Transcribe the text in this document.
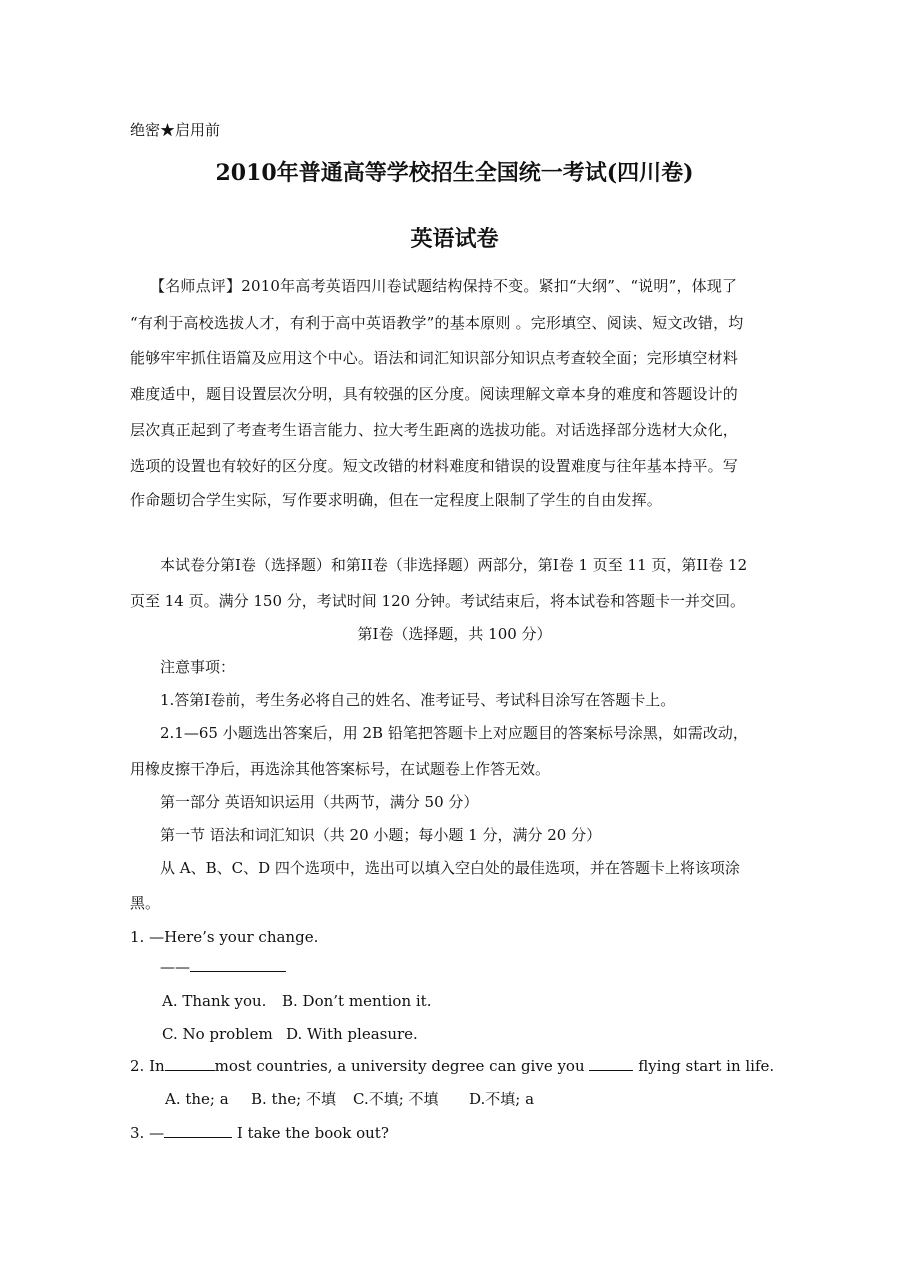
绝密★启用前
2010年普通高等学校招生全国统一考试(四川卷)
英语试卷
【名师点评】2010年高考英语四川卷试题结构保持不变。紧扣“大纲”、“说明”，体现了
“有利于高校选拔人才，有利于高中英语教学”的基本原则 。完形填空、阅读、短文改错，均
能够牢牢抓住语篇及应用这个中心。语法和词汇知识部分知识点考查较全面；完形填空材料
难度适中，题目设置层次分明，具有较强的区分度。阅读理解文章本身的难度和答题设计的
层次真正起到了考查考生语言能力、拉大考生距离的选拔功能。对话选择部分选材大众化，
选项的设置也有较好的区分度。短文改错的材料难度和错误的设置难度与往年基本持平。写
作命题切合学生实际，写作要求明确，但在一定程度上限制了学生的自由发挥。
本试卷分第I卷（选择题）和第II卷（非选择题）两部分，第I卷 1 页至 11 页，第II卷 12
页至 14 页。满分 150 分，考试时间 120 分钟。考试结束后，将本试卷和答题卡一并交回。
第I卷（选择题，共 100 分）
注意事项：
1.答第I卷前，考生务必将自己的姓名、准考证号、考试科目涂写在答题卡上。
2.1—65 小题选出答案后，用 2B 铅笔把答题卡上对应题目的答案标号涂黑，如需改动，
用橡皮擦干净后，再选涂其他答案标号，在试题卷上作答无效。
第一部分 英语知识运用（共两节，满分 50 分）
第一节 语法和词汇知识（共 20 小题；每小题 1 分，满分 20 分）
从 A、B、C、D 四个选项中，选出可以填入空白处的最佳选项，并在答题卡上将该项涂
黑。
1. —Here’s your change.
——
A. Thank you. B. Don’t mention it.
C. No problem D. With pleasure.
2. In	most countries, a university degree can give you	flying start in life.
A. the; a B. the; 不填 C.不填; 不填 D.不填; a
3. —	I take the book out?
